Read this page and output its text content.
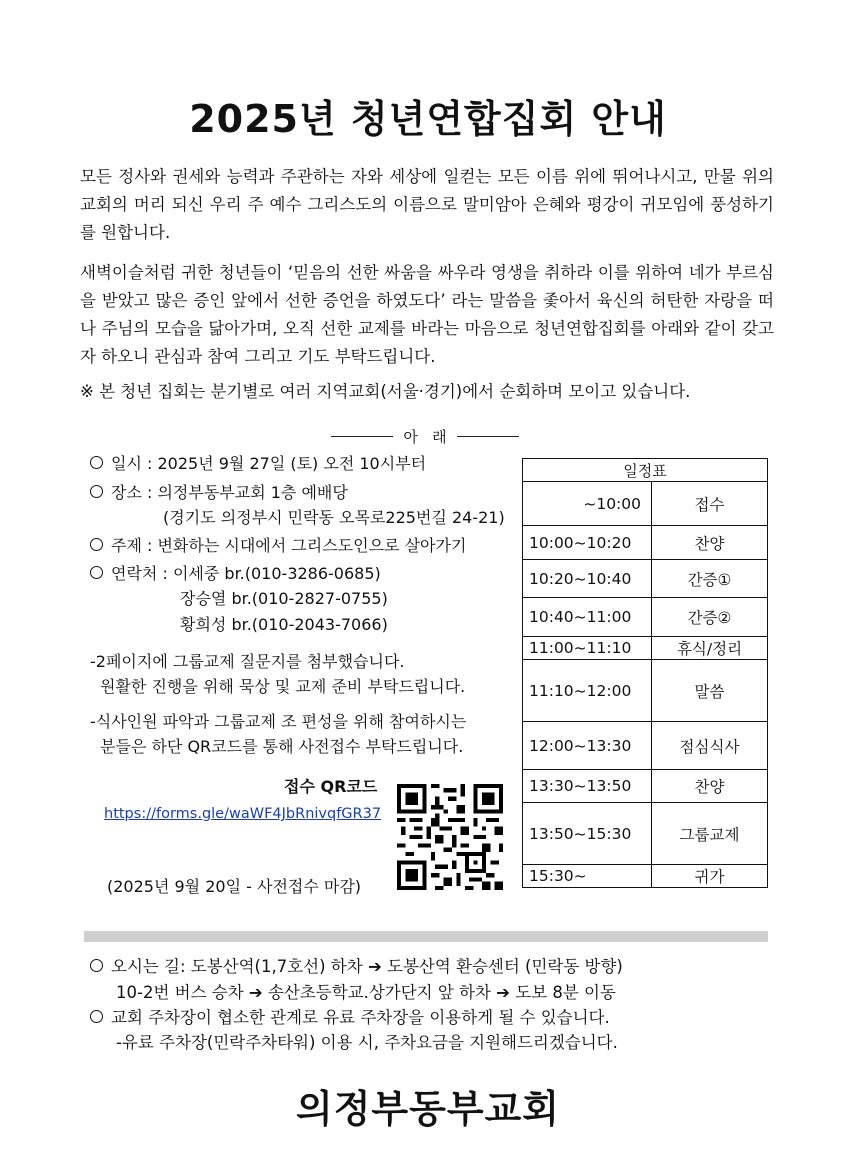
2025년 청년연합집회 안내
모든 정사와 권세와 능력과 주관하는 자와 세상에 일컫는 모든 이름 위에 뛰어나시고, 만물 위의 교회의 머리 되신 우리 주 예수 그리스도의 이름으로 말미암아 은혜와 평강이 귀모임에 풍성하기를 원합니다.
새벽이슬처럼 귀한 청년들이 ‘믿음의 선한 싸움을 싸우라 영생을 취하라 이를 위하여 네가 부르심을 받았고 많은 증인 앞에서 선한 증언을 하였도다’ 라는 말씀을 좇아서 육신의 허탄한 자랑을 떠나 주님의 모습을 닮아가며, 오직 선한 교제를 바라는 마음으로 청년연합집회를 아래와 같이 갖고자 하오니 관심과 참여 그리고 기도 부탁드립니다.
※ 본 청년 집회는 분기별로 여러 지역교회(서울·경기)에서 순회하며 모이고 있습니다.
아   래
일시 : 2025년 9월 27일 (토) 오전 10시부터
장소 : 의정부동부교회 1층 예배당
(경기도 의정부시 민락동 오목로225번길 24-21)
주제 : 변화하는 시대에서 그리스도인으로 살아가기
연락처 : 이세중 br.(010-3286-0685)
장승열 br.(010-2827-0755)
황희성 br.(010-2043-7066)
-2페이지에 그룹교제 질문지를 첨부했습니다.
원활한 진행을 위해 묵상 및 교제 준비 부탁드립니다.
-식사인원 파악과 그룹교제 조 편성을 위해 참여하시는
분들은 하단 QR코드를 통해 사전접수 부탁드립니다.
접수 QR코드
https://forms.gle/waWF4JbRnivqfGR37
(2025년 9월 20일 - 사전접수 마감)
일정표	
~10:00	접수
10:00~10:20	찬양
10:20~10:40	간증①
10:40~11:00	간증②
11:00~11:10	휴식/정리
11:10~12:00	말씀
12:00~13:30	점심식사
13:30~13:50	찬양
13:50~15:30	그룹교제
15:30~	귀가
오시는 길: 도봉산역(1,7호선) 하차 ➔ 도봉산역 환승센터 (민락동 방향)
10-2번 버스 승차 ➔ 송산초등학교.상가단지 앞 하차 ➔ 도보 8분 이동
교회 주차장이 협소한 관계로 유료 주차장을 이용하게 될 수 있습니다.
-유료 주차장(민락주차타워) 이용 시, 주차요금을 지원해드리겠습니다.
의정부동부교회
